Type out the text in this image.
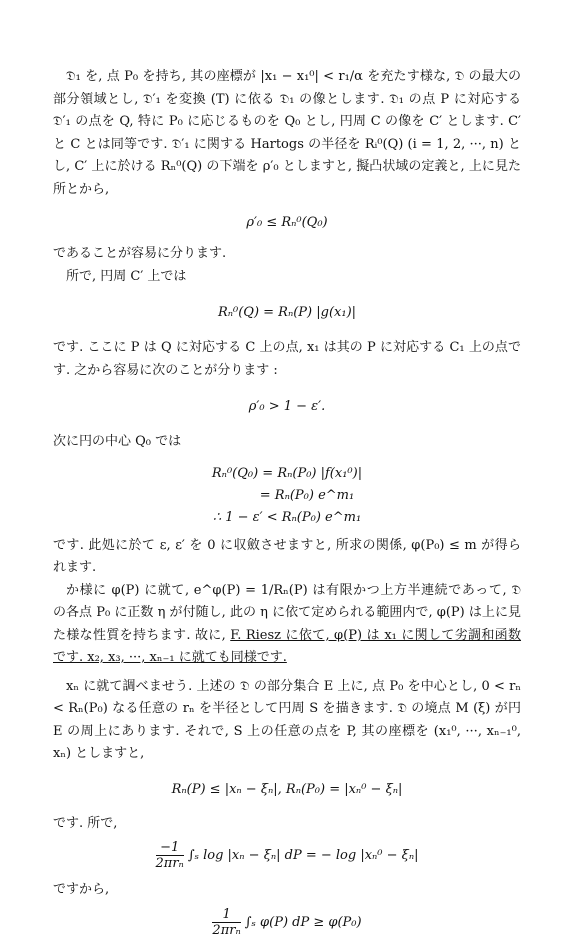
𝔇₁ を, 点 P₀ を持ち, 其の座標が |x₁ − x₁⁰| < r₁/α を充たす様な, 𝔇 の最大の部分領域とし, 𝔇′₁ を変換 (T) に依る 𝔇₁ の像とします. 𝔇₁ の点 P に対応する 𝔇′₁ の点を Q, 特に P₀ に応じるものを Q₀ とし, 円周 C の像を C′ とします. C′ と C とは同等です. 𝔇′₁ に関する Hartogs の半径を Rᵢ⁰(Q) (i = 1, 2, ···, n) とし, C′ 上に於ける Rₙ⁰(Q) の下端を ρ′₀ としますと, 擬凸状域の定義と, 上に見た所とから,

ρ′₀ ≤ Rₙ⁰(Q₀)

であることが容易に分ります.

所で, 円周 C′ 上では

Rₙ⁰(Q) = Rₙ(P) |g(x₁)|

です. ここに P は Q に対応する C 上の点, x₁ は其の P に対応する C₁ 上の点です. 之から容易に次のことが分ります :

ρ′₀ > 1 − ε′.

次に円の中心 Q₀ では

Rₙ⁰(Q₀) = Rₙ(P₀) |f(x₁⁰)|

= Rₙ(P₀) e^m₁

∴ 1 − ε′ < Rₙ(P₀) e^m₁

です. 此処に於て ε, ε′ を 0 に収斂させますと, 所求の関係, φ(P₀) ≤ m が得られます.

か様に φ(P) に就て, e^φ(P) = 1/Rₙ(P) は有限かつ上方半連続であって, 𝔇 の各点 P₀ に正数 η が付随し, 此の η に依て定められる範囲内で, φ(P) は上に見た様な性質を持ちます. 故に, F. Riesz に依て, φ(P) は x₁ に関して劣調和函数です. x₂, x₃, ···, xₙ₋₁ に就ても同様です.

xₙ に就て調べませう. 上述の 𝔇 の部分集合 E 上に, 点 P₀ を中心とし, 0 < rₙ < Rₙ(P₀) なる任意の rₙ を半径として円周 S を描きます. 𝔇 の境点 M (ξ) が円 E の周上にあります. それで, S 上の任意の点を P, 其の座標を (x₁⁰, ···, xₙ₋₁⁰, xₙ) としますと,

Rₙ(P) ≤ |xₙ − ξₙ|, Rₙ(P₀) = |xₙ⁰ − ξₙ|

です. 所で,

$\frac{-1}{\text{2πrₙ}} \int_s$ log |xₙ − ξₙ| dP = − log |xₙ⁰ − ξₙ|

ですから,

$\frac{1}{\text{2πrₙ}} \int_s$ φ(P) dP ≥ φ(P₀)
